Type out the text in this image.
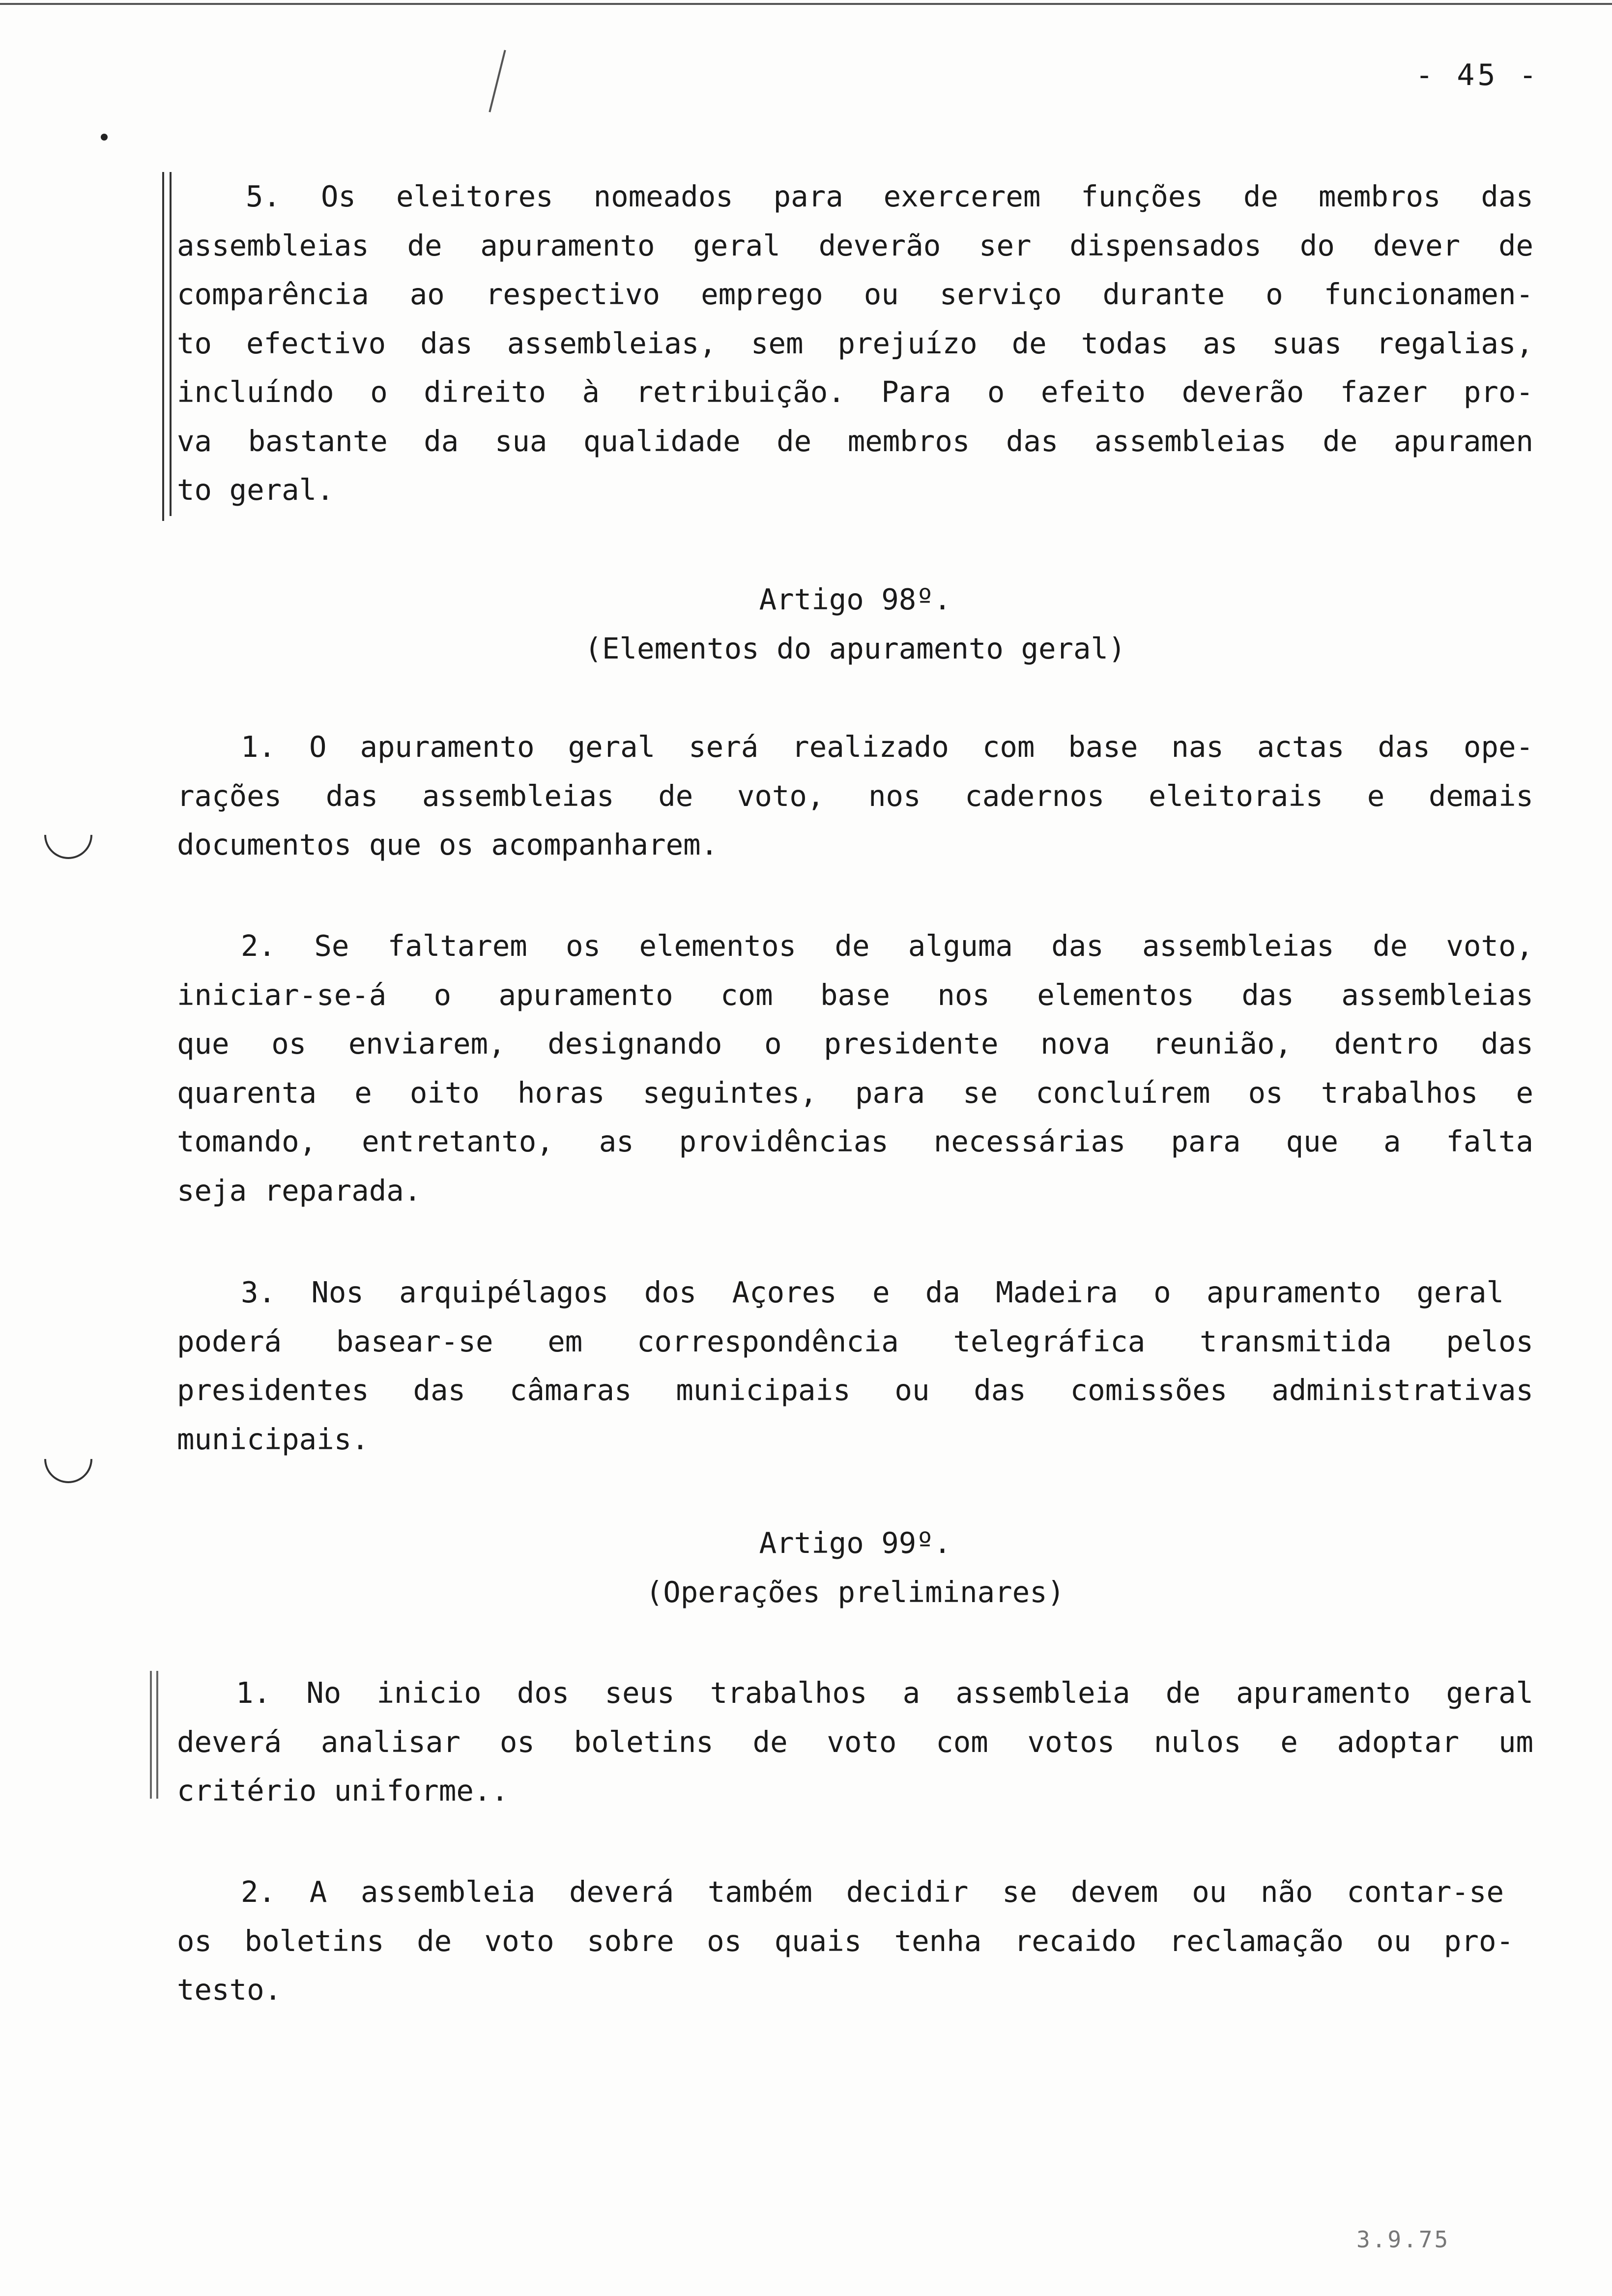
- 45 -
5. Os eleitores nomeados para exercerem funções de membros das
assembleias de apuramento geral deverão ser dispensados do dever de
comparência ao respectivo emprego ou serviço durante o funcionamen-
to efectivo das assembleias, sem prejuízo de todas as suas regalias,
incluíndo o direito à retribuição. Para o efeito deverão fazer pro-
va bastante da sua qualidade de membros das assembleias de apuramen
to geral.
Artigo 98º.
(Elementos do apuramento geral)
1. O apuramento geral será realizado com base nas actas das ope-
rações das assembleias de voto, nos cadernos eleitorais e demais
documentos que os acompanharem.
2. Se faltarem os elementos de alguma das assembleias de voto,
iniciar-se-á o apuramento com base nos elementos das assembleias
que os enviarem, designando o presidente nova reunião, dentro das
quarenta e oito horas seguintes, para se concluírem os trabalhos e
tomando, entretanto, as providências necessárias para que a falta
seja reparada.
3. Nos arquipélagos dos Açores e da Madeira o apuramento geral
poderá basear-se em correspondência telegráfica transmitida pelos
presidentes das câmaras municipais ou das comissões administrativas
municipais.
Artigo 99º.
(Operações preliminares)
1. No inicio dos seus trabalhos a assembleia de apuramento geral
deverá analisar os boletins de voto com votos nulos e adoptar um
critério uniforme..
2. A assembleia deverá também decidir se devem ou não contar-se
os boletins de voto sobre os quais tenha recaido reclamação ou pro-
testo.
3.9.75
